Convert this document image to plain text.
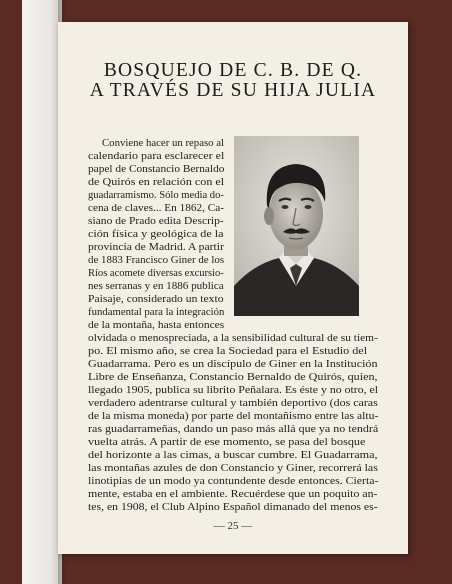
BOSQUEJO DE C. B. DE Q.
A TRAVÉS DE SU HIJA JULIA
Conviene hacer un repaso al
calendario para esclarecer el
papel de Constancio Bernaldo
de Quirós en relación con el
guadarramismo. Sólo media do-
cena de claves... En 1862, Ca-
siano de Prado edita Descrip-
ción física y geológica de la
provincia de Madrid. A partir
de 1883 Francisco Giner de los
Ríos acomete diversas excursio-
nes serranas y en 1886 publica
Paisaje, considerado un texto
fundamental para la integración
de la montaña, hasta entonces
olvidada o menospreciada, a la sensibilidad cultural de su tiem-
po. El mismo año, se crea la Sociedad para el Estudio del
Guadarrama. Pero es un discípulo de Giner en la Institución
Libre de Enseñanza, Constancio Bernaldo de Quirós, quien,
llegado 1905, publica su librito Peñalara. Es éste y no otro, el
verdadero adentrarse cultural y también deportivo (dos caras
de la misma moneda) por parte del montañismo entre las altu-
ras guadarrameñas, dando un paso más allá que ya no tendrá
vuelta atrás. A partir de ese momento, se pasa del bosque
del horizonte a las cimas, a buscar cumbre. El Guadarrama,
las montañas azules de don Constancio y Giner, recorrerá las
linotipias de un modo ya contundente desde entonces. Cierta-
mente, estaba en el ambiente. Recuérdese que un poquito an-
tes, en 1908, el Club Alpino Español dimanado del menos es-
— 25 —
